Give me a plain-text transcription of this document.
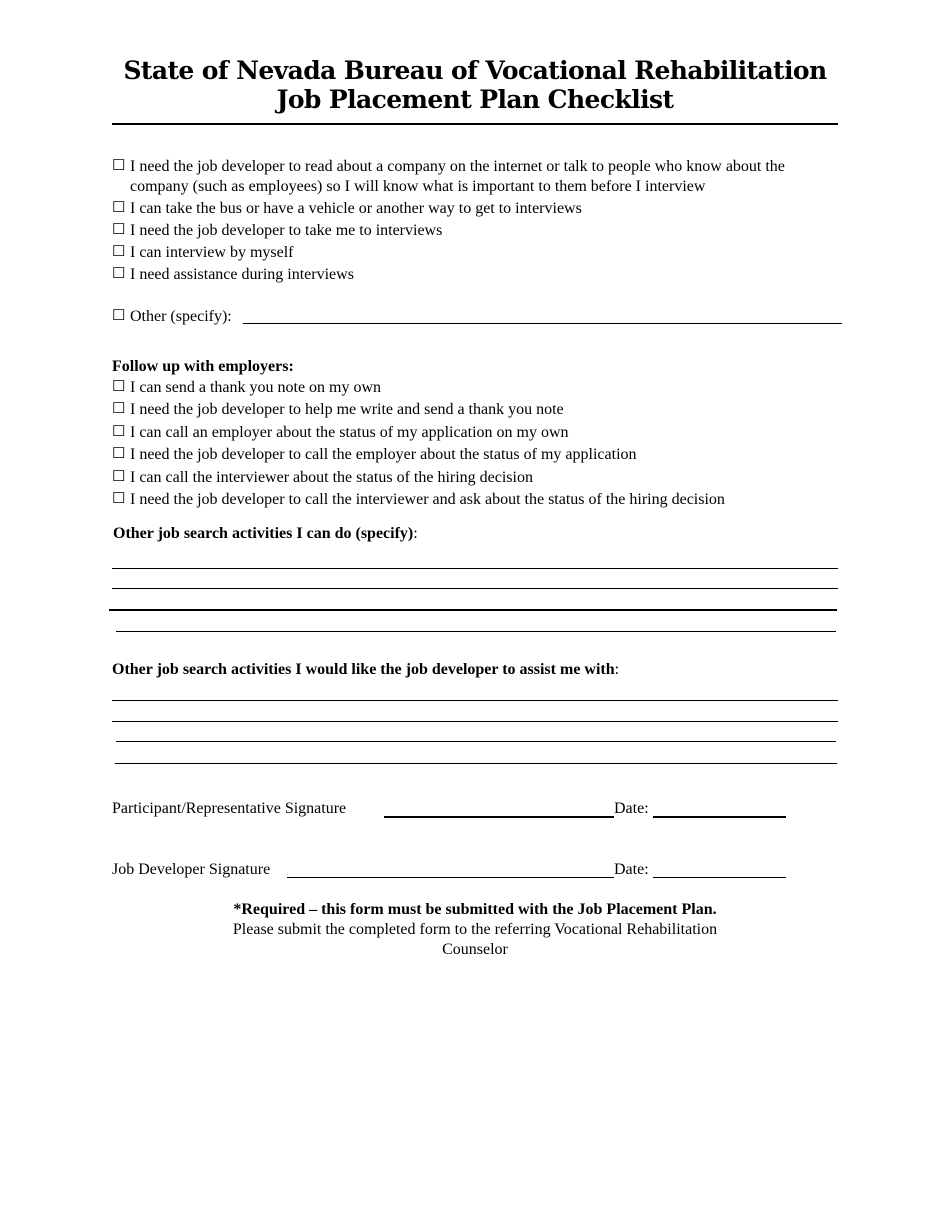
State of Nevada Bureau of Vocational Rehabilitation
Job Placement Plan Checklist
☐ I need the job developer to read about a company on the internet or talk to people who know about the company (such as employees) so I will know what is important to them before I interview
☐ I can take the bus or have a vehicle or another way to get to interviews
☐ I need the job developer to take me to interviews
☐ I can interview by myself
☐ I need assistance during interviews
☐ Other (specify):
Follow up with employers:
☐ I can send a thank you note on my own
☐ I need the job developer to help me write and send a thank you note
☐ I can call an employer about the status of my application on my own
☐ I need the job developer to call the employer about the status of my application
☐ I can call the interviewer about the status of the hiring decision
☐ I need the job developer to call the interviewer and ask about the status of the hiring decision
Other job search activities I can do (specify):
Other job search activities I would like the job developer to assist me with:
Participant/Representative Signature	Date:
Job Developer Signature	Date:
*Required – this form must be submitted with the Job Placement Plan.
Please submit the completed form to the referring Vocational Rehabilitation
Counselor
